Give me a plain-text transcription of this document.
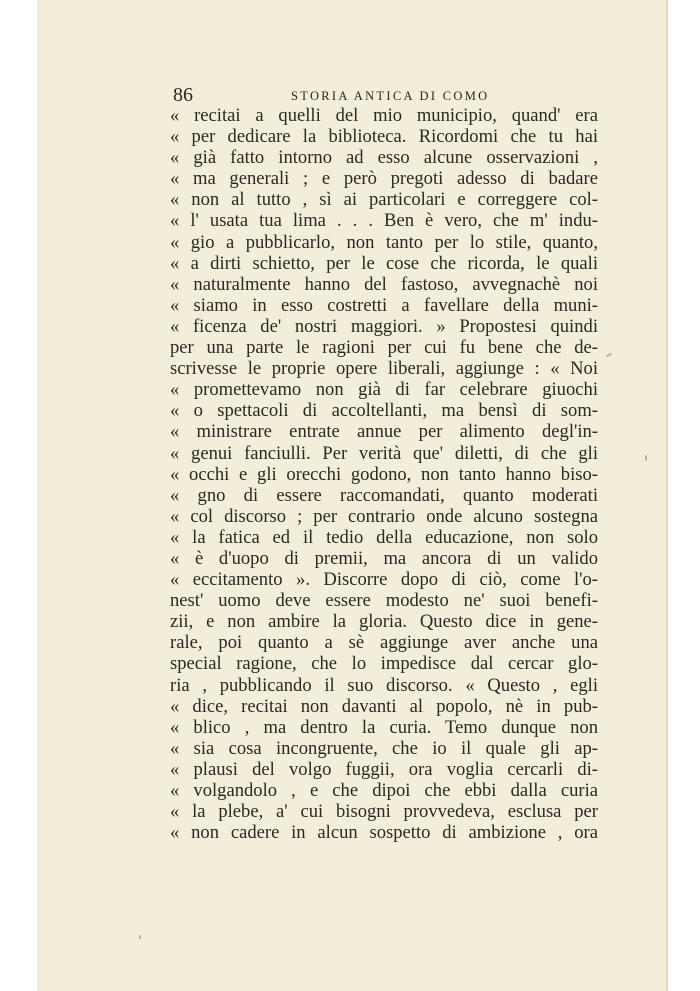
86	STORIA ANTICA DI COMO
« recitai a quelli del mio municipio, quand' era
« per dedicare la biblioteca. Ricordomi che tu hai
« già fatto intorno ad esso alcune osservazioni ,
« ma generali ; e però pregoti adesso di badare
« non al tutto , sì ai particolari e correggere col-
« l' usata tua lima . . . Ben è vero, che m' indu-
« gio a pubblicarlo, non tanto per lo stile, quanto,
« a dirti schietto, per le cose che ricorda, le quali
« naturalmente hanno del fastoso, avvegnachè noi
« siamo in esso costretti a favellare della muni-
« ficenza de' nostri maggiori. » Propostesi quindi
per una parte le ragioni per cui fu bene che de-
scrivesse le proprie opere liberali, aggiunge : « Noi
« promettevamo non già di far celebrare giuochi
« o spettacoli di accoltellanti, ma bensì di som-
« ministrare entrate annue per alimento degl'in-
« genui fanciulli. Per verità que' diletti, di che gli
« occhi e gli orecchi godono, non tanto hanno biso-
« gno di essere raccomandati, quanto moderati
« col discorso ; per contrario onde alcuno sostegna
« la fatica ed il tedio della educazione, non solo
« è d'uopo di premii, ma ancora di un valido
« eccitamento ». Discorre dopo di ciò, come l'o-
nest' uomo deve essere modesto ne' suoi benefi-
zii, e non ambire la gloria. Questo dice in gene-
rale, poi quanto a sè aggiunge aver anche una
special ragione, che lo impedisce dal cercar glo-
ria , pubblicando il suo discorso. « Questo , egli
« dice, recitai non davanti al popolo, nè in pub-
« blico , ma dentro la curia. Temo dunque non
« sia cosa incongruente, che io il quale gli ap-
« plausi del volgo fuggii, ora voglia cercarli di-
« volgandolo , e che dipoi che ebbi dalla curia
« la plebe, a' cui bisogni provvedeva, esclusa per
« non cadere in alcun sospetto di ambizione , ora
